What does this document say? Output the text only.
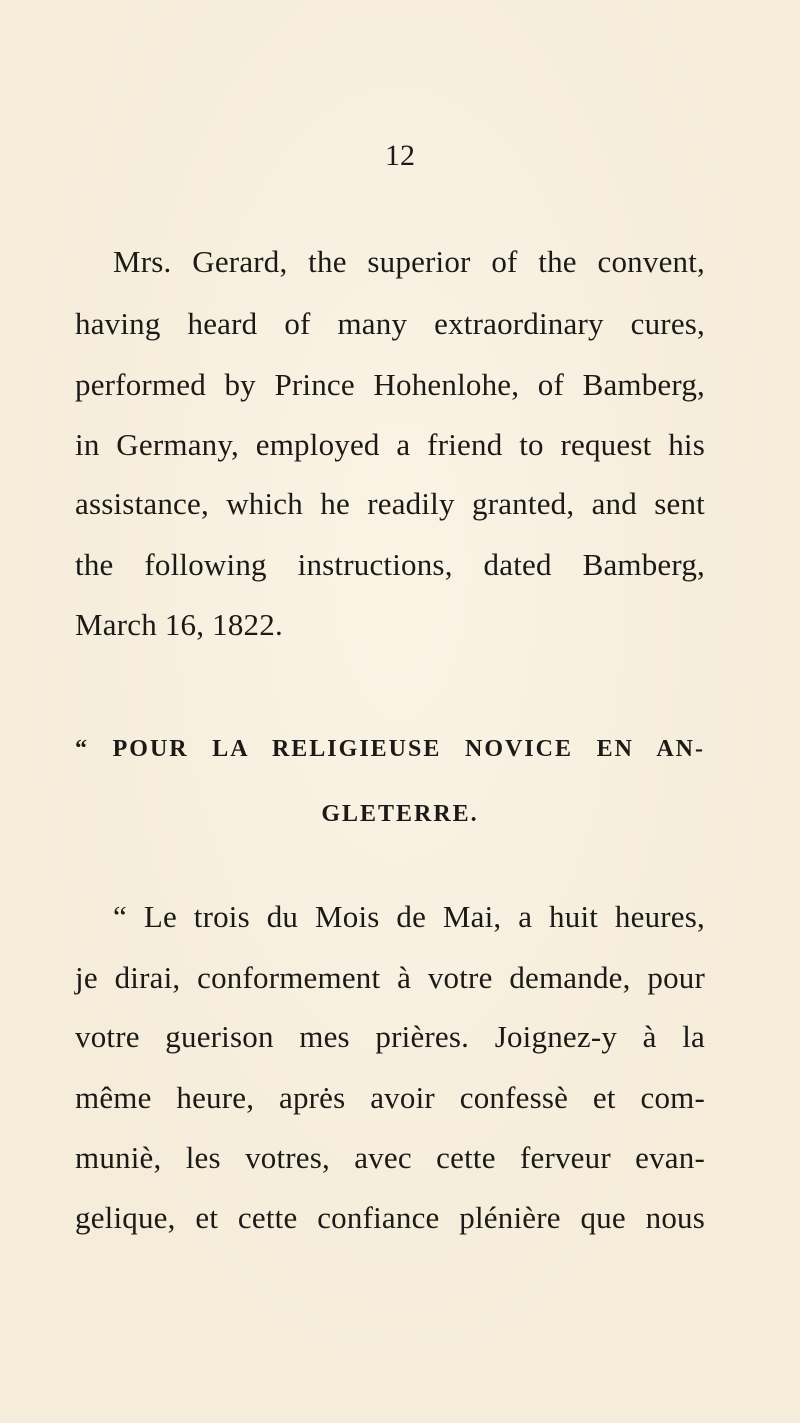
12
Mrs. Gerard, the superior of the convent,
having heard of many extraordinary cures,
performed by Prince Hohenlohe, of Bamberg,
in Germany, employed a friend to request his
assistance, which he readily granted, and sent
the following instructions, dated Bamberg,
March 16, 1822.
“ POUR LA RELIGIEUSE NOVICE EN AN-
GLETERRE.
“ Le trois du Mois de Mai, a huit heures,
je dirai, conformement à votre demande, pour
votre guerison mes prières. Joignez-y à la
même heure, aprės avoir confessè et com-
muniè, les votres, avec cette ferveur evan-
gelique, et cette confiance plénière que nous
